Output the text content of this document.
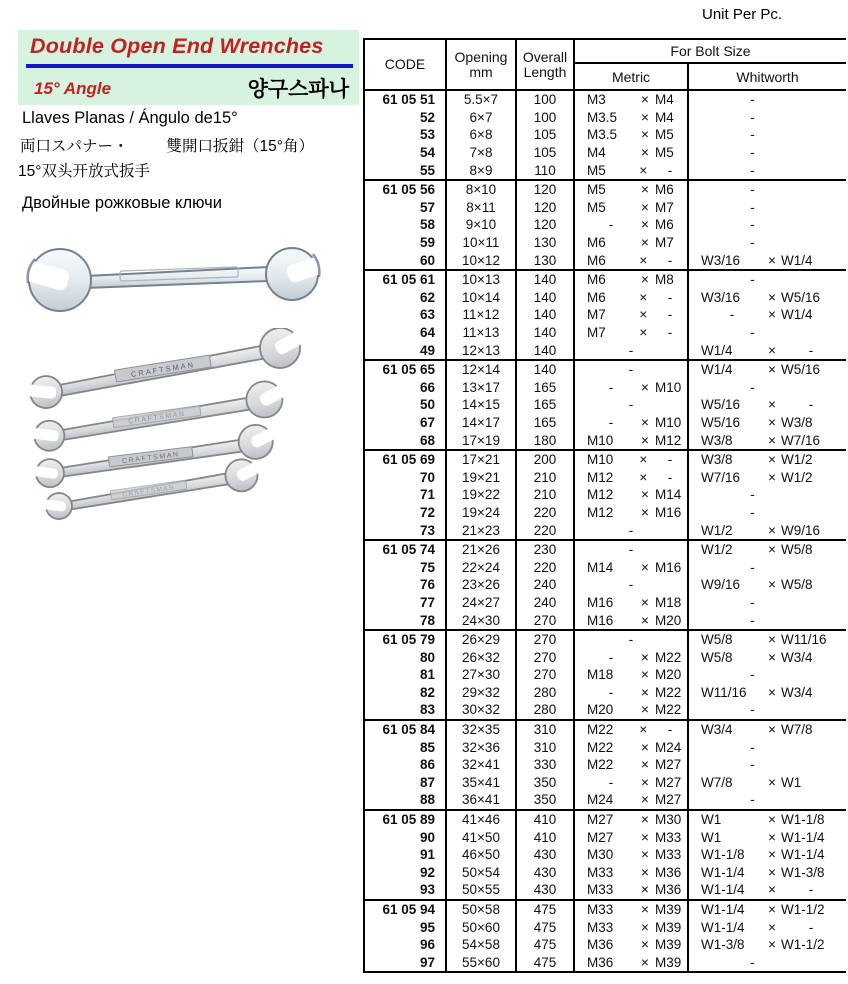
Unit Per Pc.
Double Open End Wrenches
15° Angle	양구스파나
Llaves Planas / Ángulo de15°
両口スパナー・ 雙開口扳鉗（15°角）
15°双头开放式扳手
Двойные рожковые ключи
CRAFTSMAN
CRAFTSMAN
CRAFTSMAN
CRAFTSMAN
CODE Opening
mm
Overall
Length
For Bolt Size
Metric	Whitworth
61 05 51	5.5×7	100	M3	× M4	-
52	6×7	100	M3.5	× M4	-
53	6×8	105	M3.5	× M5	-
54	7×8	105	M4	× M5	-
55	8×9	110	M5	×	-	-
61 05 56	8×10	120	M5	× M6	-
57	8×11	120	M5	× M7	-
58	9×10	120	-	× M6	-
59	10×11	130	M6	× M7	-
60	10×12	130	M6	×	-	W3/16	× W1/4
61 05 61	10×13	140	M6	× M8	-
62	10×14	140	M6	×	-	W3/16	× W5/16
63	11×12	140	M7	×	-	-	× W1/4
64	11×13	140	M7	×	-	-
49	12×13	140	-	W1/4	×	-
61 05 65	12×14	140	-	W1/4	× W5/16
66	13×17	165	-	× M10	-
50	14×15	165	-	W5/16	×	-
67	14×17	165	-	× M10	W5/16	× W3/8
68	17×19	180	M10	× M12	W3/8	× W7/16
61 05 69	17×21	200	M10	×	-	W3/8	× W1/2
70	19×21	210	M12	×	-	W7/16	× W1/2
71	19×22	210	M12	× M14	-
72	19×24	220	M12	× M16	-
73	21×23	220	-	W1/2	× W9/16
61 05 74	21×26	230	-	W1/2	× W5/8
75	22×24	220	M14	× M16	-
76	23×26	240	-	W9/16	× W5/8
77	24×27	240	M16	× M18	-
78	24×30	270	M16	× M20	-
61 05 79	26×29	270	-	W5/8	× W11/16
80	26×32	270	-	× M22	W5/8	× W3/4
81	27×30	270	M18	× M20	-
82	29×32	280	-	× M22	W11/16	× W3/4
83	30×32	280	M20	× M22	-
61 05 84	32×35	310	M22	×	-	W3/4	× W7/8
85	32×36	310	M22	× M24	-
86	32×41	330	M22	× M27	-
87	35×41	350	-	× M27	W7/8	× W1
88	36×41	350	M24	× M27	-
61 05 89	41×46	410	M27	× M30	W1	× W1-1/8
90	41×50	410	M27	× M33	W1	× W1-1/4
91	46×50	430	M30	× M33	W1-1/8	× W1-1/4
92	50×54	430	M33	× M36	W1-1/4	× W1-3/8
93	50×55	430	M33	× M36	W1-1/4	×	-
61 05 94	50×58	475	M33	× M39	W1-1/4	× W1-1/2
95	50×60	475	M33	× M39	W1-1/4	×	-
96	54×58	475	M36	× M39	W1-3/8	× W1-1/2
97	55×60	475	M36	× M39	-
